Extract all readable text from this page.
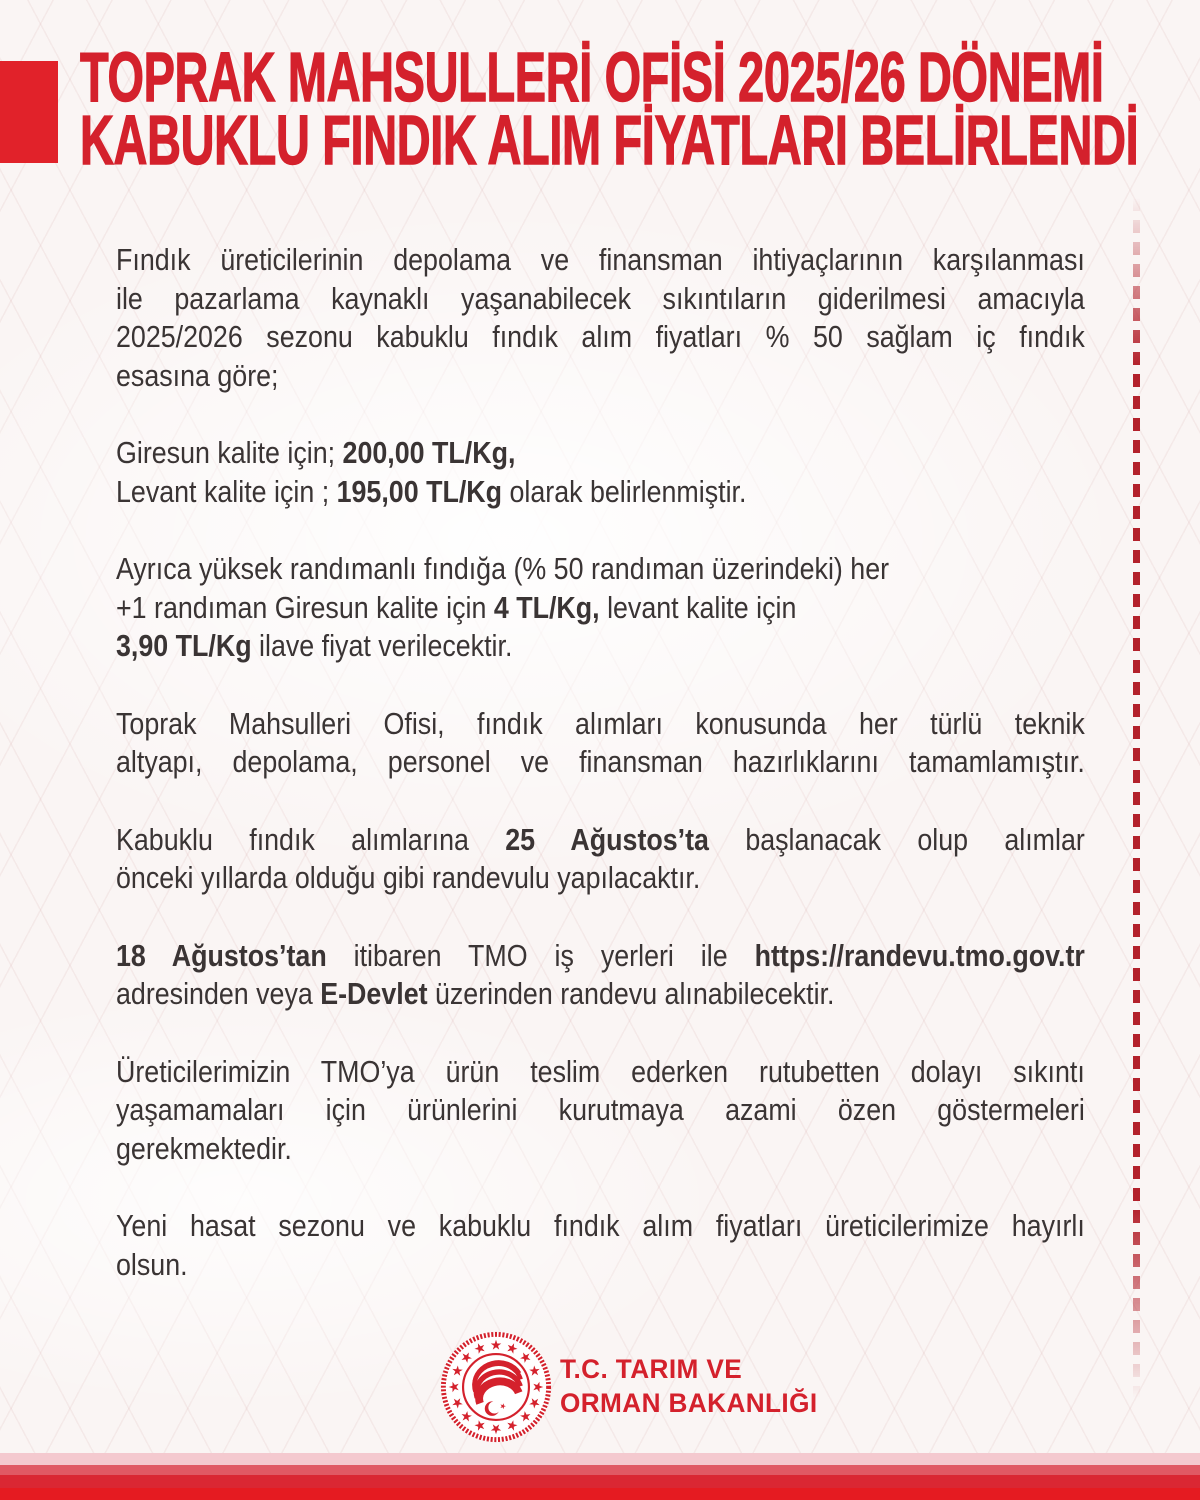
TOPRAK MAHSULLERİ OFİSİ 2025/26 DÖNEMİ
KABUKLU FINDIK ALIM FİYATLARI BELİRLENDİ
Fındık üreticilerinin depolama ve finansman ihtiyaçlarının karşılanması
ile pazarlama kaynaklı yaşanabilecek sıkıntıların giderilmesi amacıyla
2025/2026 sezonu kabuklu fındık alım fiyatları % 50 sağlam iç fındık
esasına göre;
Giresun kalite için; 200,00 TL/Kg,
Levant kalite için ; 195,00 TL/Kg olarak belirlenmiştir.
Ayrıca yüksek randımanlı fındığa (% 50 randıman üzerindeki) her
+1 randıman Giresun kalite için 4 TL/Kg, levant kalite için
3,90 TL/Kg ilave fiyat verilecektir.
Toprak Mahsulleri Ofisi, fındık alımları konusunda her türlü teknik
altyapı, depolama, personel ve finansman hazırlıklarını tamamlamıştır.
Kabuklu fındık alımlarına 25 Ağustos’ta başlanacak olup alımlar
önceki yıllarda olduğu gibi randevulu yapılacaktır.
18 Ağustos’tan itibaren TMO iş yerleri ile https://randevu.tmo.gov.tr
adresinden veya E-Devlet üzerinden randevu alınabilecektir.
Üreticilerimizin TMO’ya ürün teslim ederken rutubetten dolayı sıkıntı
yaşamamaları için ürünlerini kurutmaya azami özen göstermeleri
gerekmektedir.
Yeni hasat sezonu ve kabuklu fındık alım fiyatları üreticilerimize hayırlı
olsun.
T.C. TARIM VE
ORMAN BAKANLIĞI
